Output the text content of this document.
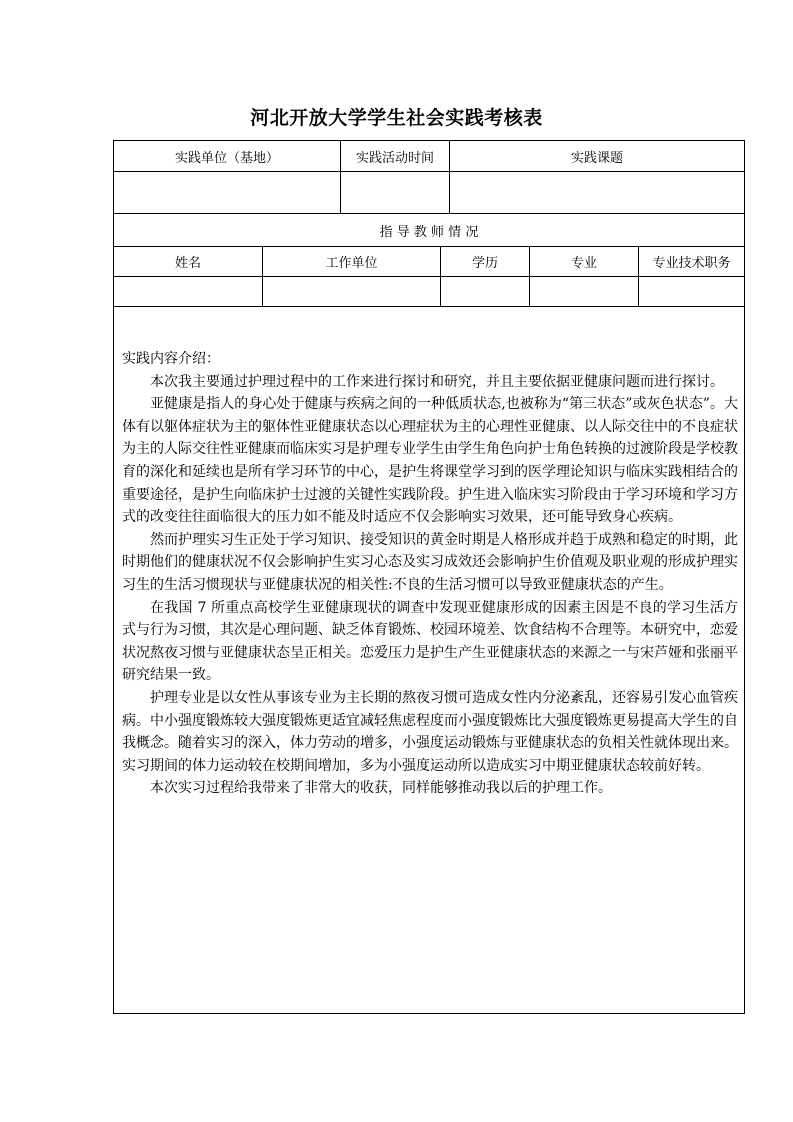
河北开放大学学生社会实践考核表
实践单位（基地）	实践活动时间	实践课题
指 导 教 师 情 况
姓名	工作单位	学历	专业	专业技术职务
实践内容介绍：

本次我主要通过护理过程中的工作来进行探讨和研究，并且主要依据亚健康问题而进行探讨。

亚健康是指人的身心处于健康与疾病之间的一种低质状态,也被称为“第三状态”或灰色状态”。大体有以躯体症状为主的躯体性亚健康状态以心理症状为主的心理性亚健康、以人际交往中的不良症状为主的人际交往性亚健康而临床实习是护理专业学生由学生角色向护士角色转换的过渡阶段是学校教育的深化和延续也是所有学习环节的中心，是护生将课堂学习到的医学理论知识与临床实践相结合的重要途径，是护生向临床护士过渡的关键性实践阶段。护生进入临床实习阶段由于学习环境和学习方式的改变往往面临很大的压力如不能及时适应不仅会影响实习效果，还可能导致身心疾病。

然而护理实习生正处于学习知识、接受知识的黄金时期是人格形成并趋于成熟和稳定的时期，此时期他们的健康状况不仅会影响护生实习心态及实习成效还会影响护生价值观及职业观的形成护理实习生的生活习惯现状与亚健康状况的相关性:不良的生活习惯可以导致亚健康状态的产生。

在我国 7 所重点高校学生亚健康现状的调查中发现亚健康形成的因素主因是不良的学习生活方式与行为习惯，其次是心理问题、缺乏体育锻炼、校园环境差、饮食结构不合理等。本研究中，恋爱状况熬夜习惯与亚健康状态呈正相关。恋爱压力是护生产生亚健康状态的来源之一与宋芦娅和张丽平研究结果一致。

护理专业是以女性从事该专业为主长期的熬夜习惯可造成女性内分泌紊乱，还容易引发心血管疾病。中小强度锻炼较大强度锻炼更适宜减轻焦虑程度而小强度锻炼比大强度锻炼更易提高大学生的自我概念。随着实习的深入，体力劳动的增多，小强度运动锻炼与亚健康状态的负相关性就体现出来。实习期间的体力运动较在校期间增加，多为小强度运动所以造成实习中期亚健康状态较前好转。

本次实习过程给我带来了非常大的收获，同样能够推动我以后的护理工作。
